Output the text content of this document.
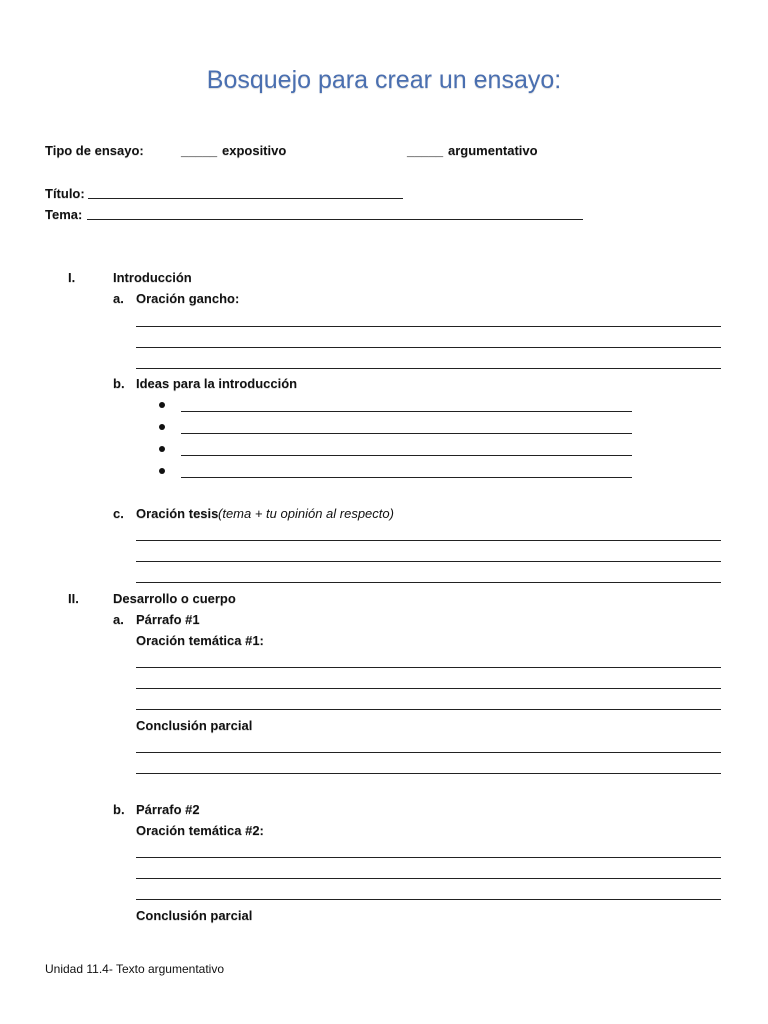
Bosquejo para crear un ensayo:
Tipo de ensayo:	_____ expositivo	_____ argumentativo
Título:
Tema:
I.	Introducción
a. Oración gancho:
b. Ideas para la introducción
c. Oración tesis (tema + tu opinión al respecto)
II.	Desarrollo o cuerpo
a. Párrafo #1
Oración temática #1:
Conclusión parcial
b. Párrafo #2
Oración temática #2:
Conclusión parcial
Unidad 11.4- Texto argumentativo
